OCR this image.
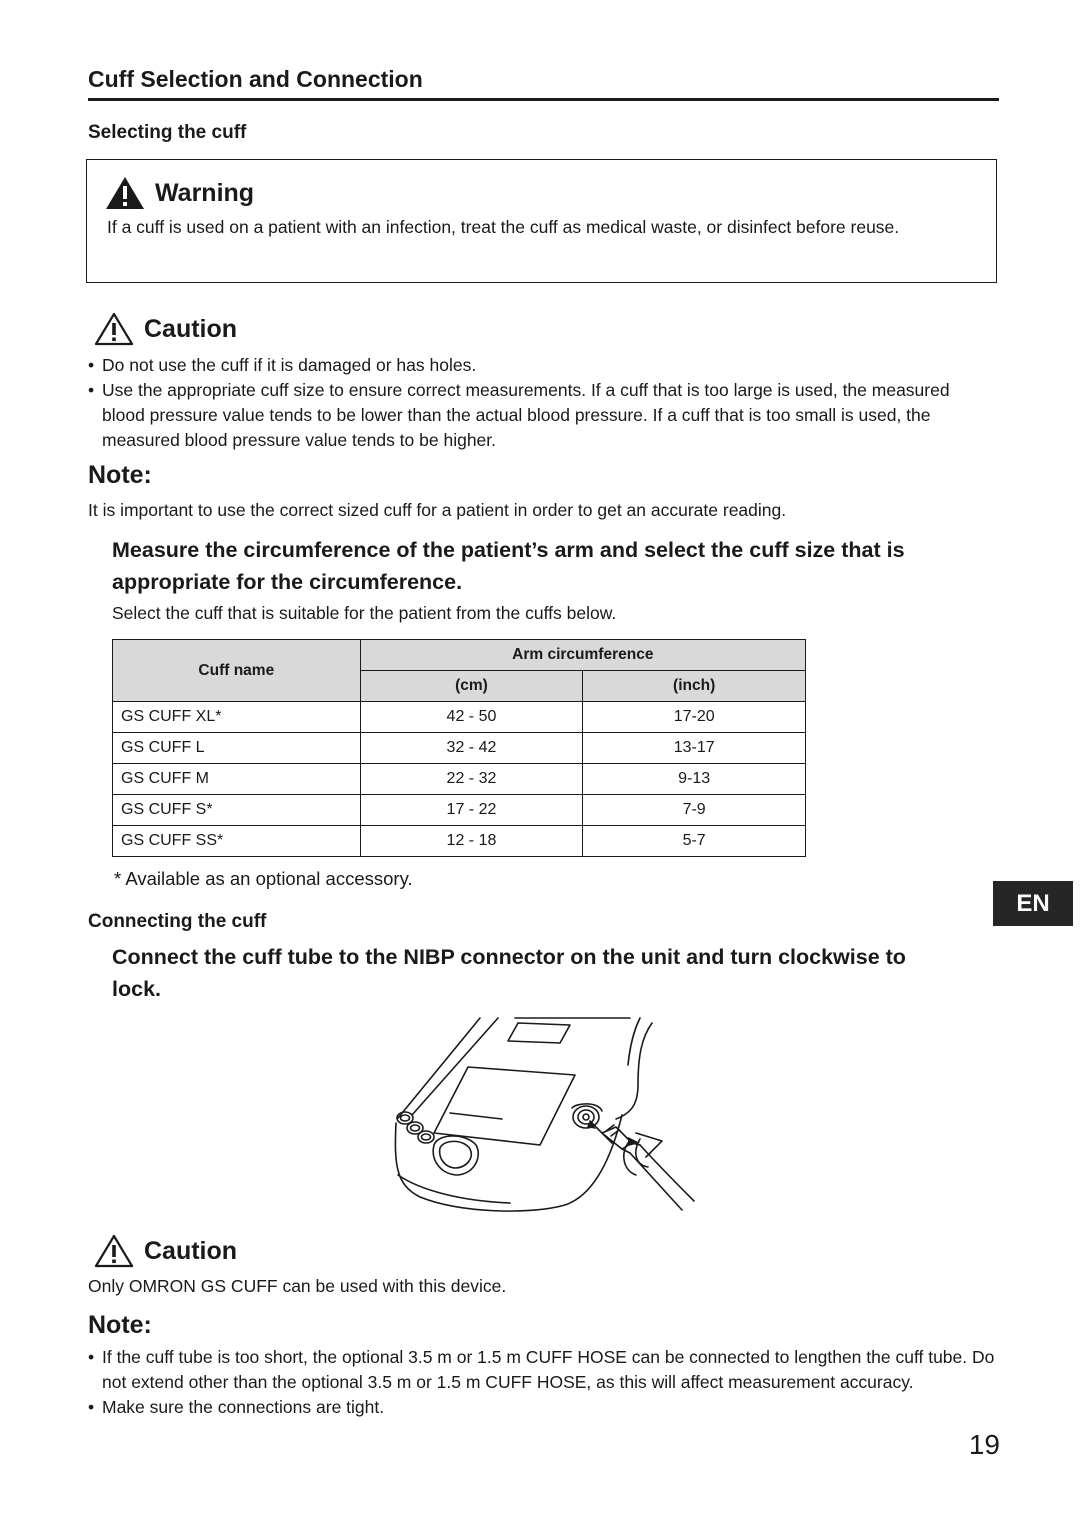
Cuff Selection and Connection
Selecting the cuff
Warning
If a cuff is used on a patient with an infection, treat the cuff as medical waste, or disinfect before reuse.
Caution
• Do not use the cuff if it is damaged or has holes.
• Use the appropriate cuff size to ensure correct measurements. If a cuff that is too large is used, the measured blood pressure value tends to be lower than the actual blood pressure. If a cuff that is too small is used, the measured blood pressure value tends to be higher.
Note:
It is important to use the correct sized cuff for a patient in order to get an accurate reading.
Measure the circumference of the patient’s arm and select the cuff size that is appropriate for the circumference.
Select the cuff that is suitable for the patient from the cuffs below.
Cuff name	Arm circumference	
	(cm)	(inch)
GS CUFF XL*	42 - 50	17-20
GS CUFF L	32 - 42	13-17
GS CUFF M	22 - 32	9-13
GS CUFF S*	17 - 22	7-9
GS CUFF SS*	12 - 18	5-7
* Available as an optional accessory.
EN
Connecting the cuff
Connect the cuff tube to the NIBP connector on the unit and turn clockwise to lock.
Caution
Only OMRON GS CUFF can be used with this device.
Note:
• If the cuff tube is too short, the optional 3.5 m or 1.5 m CUFF HOSE can be connected to lengthen the cuff tube. Do not extend other than the optional 3.5 m or 1.5 m CUFF HOSE, as this will affect measurement accuracy.
• Make sure the connections are tight.
19
